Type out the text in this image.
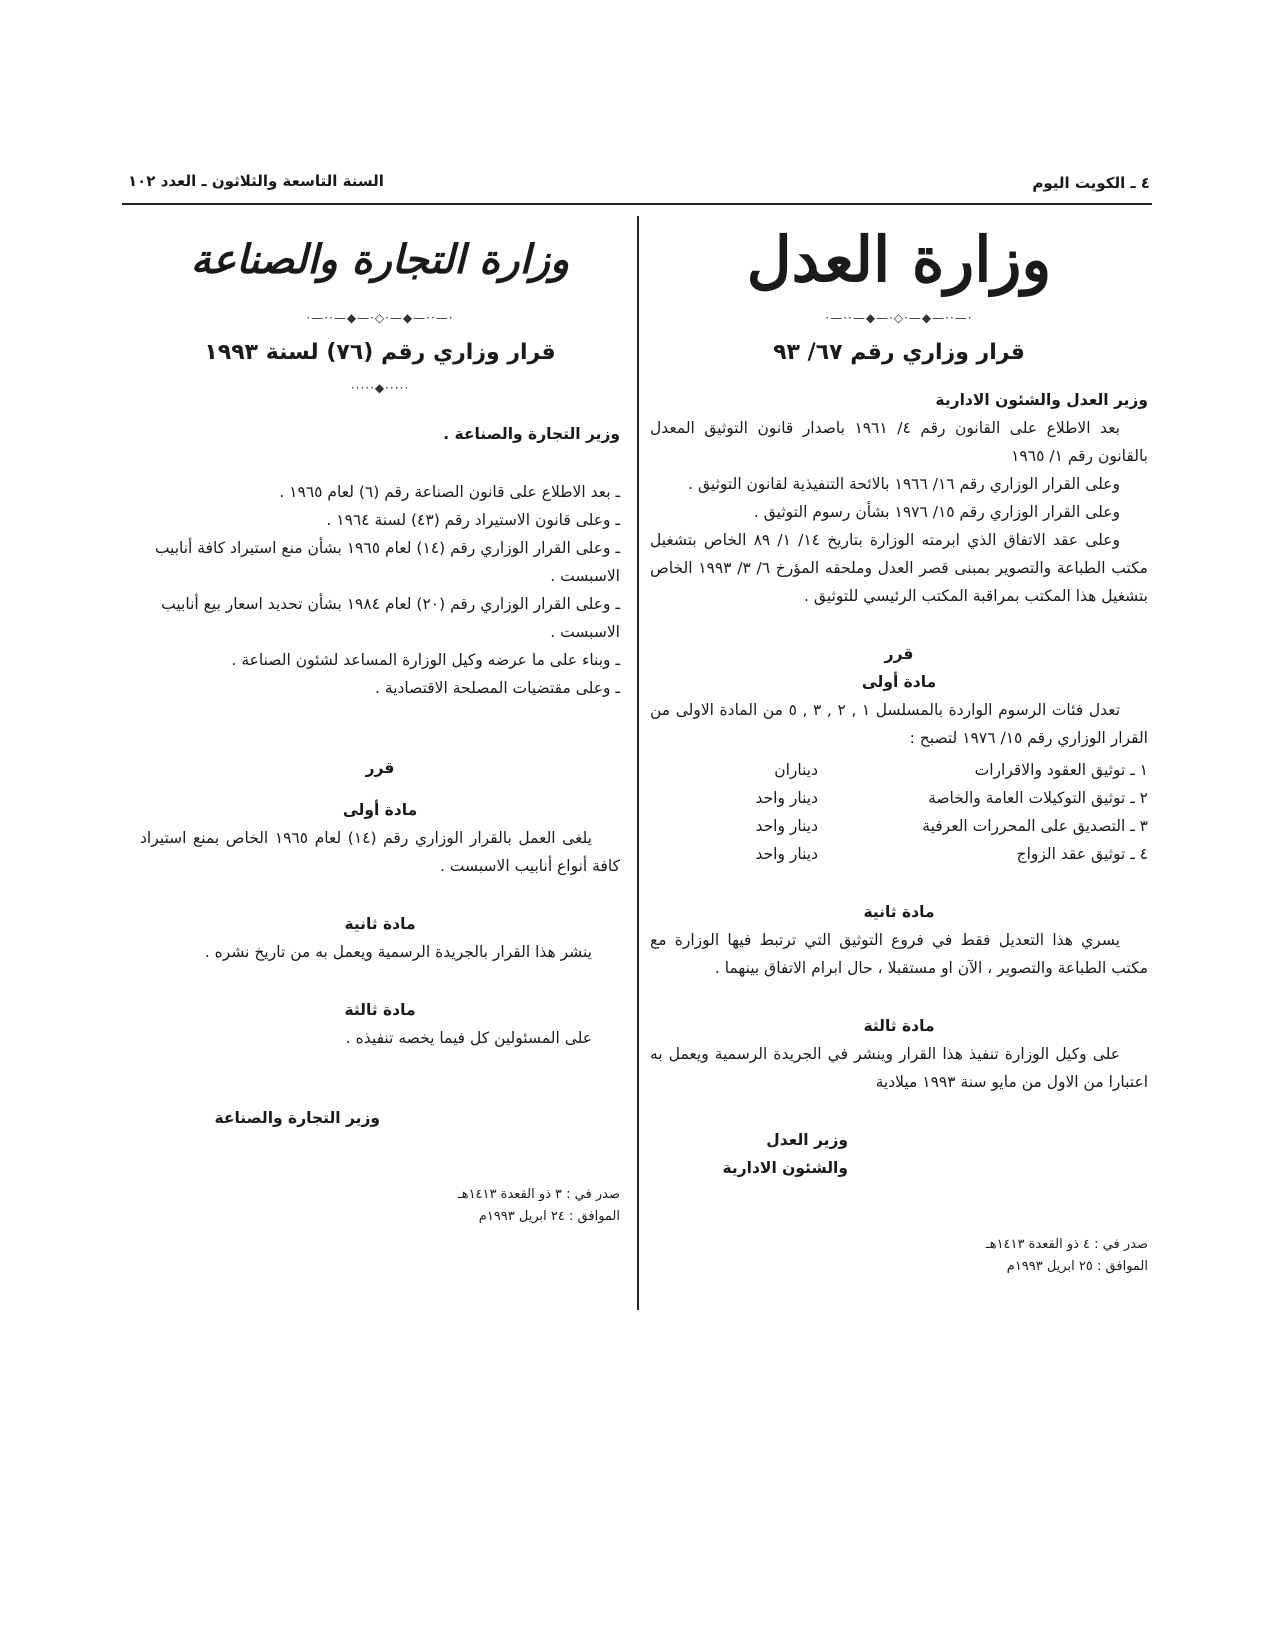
٤ ـ الكويت اليوم
السنة التاسعة والثلاثون ـ العدد ١٠٢
وزارة العدل
·—··—◆—·◇·—◆—··—·
قرار وزاري رقم ٦٧/ ٩٣

وزير العدل والشئون الادارية

بعد الاطلاع على القانون رقم ٤/ ١٩٦١ باصدار قانون التوثيق المعدل بالقانون رقم ١/ ١٩٦٥

وعلى القرار الوزاري رقم ١٦/ ١٩٦٦ بالائحة التنفيذية لقانون التوثيق .

وعلى القرار الوزاري رقم ١٥/ ١٩٧٦ بشأن رسوم التوثيق .

وعلى عقد الاتفاق الذي ابرمته الوزارة بتاريخ ١٤/ ١/ ٨٩ الخاص بتشغيل مكتب الطباعة والتصوير بمبنى قصر العدل وملحقه المؤرخ ٦/ ٣/ ١٩٩٣ الخاص بتشغيل هذا المكتب بمراقبة المكتب الرئيسي للتوثيق .

قرر

مادة أولى

تعدل فئات الرسوم الواردة بالمسلسل ١ , ٢ , ٣ , ٥ من المادة الاولى من القرار الوزاري رقم ١٥/ ١٩٧٦ لتصبح :

١ ـ توثيق العقود والاقرارات
ديناران
٢ ـ توثيق التوكيلات العامة والخاصة
دينار واحد
٣ ـ التصديق على المحررات العرفية
دينار واحد
٤ ـ توثيق عقد الزواج
دينار واحد

مادة ثانية

يسري هذا التعديل فقط في فروع التوثيق التي ترتبط فيها الوزارة مع مكتب الطباعة والتصوير ، الآن او مستقبلا ، حال ابرام الاتفاق بينهما .

مادة ثالثة

على وكيل الوزارة تنفيذ هذا القرار وينشر في الجريدة الرسمية ويعمل به اعتبارا من الاول من مايو سنة ١٩٩٣ ميلادية

وزير العدل
والشئون الادارية
صدر في : ٤ ذو القعدة ١٤١٣هـ
الموافق : ٢٥ ابريل ١٩٩٣م
وزارة التجارة والصناعة
·—··—◆—·◇·—◆—··—·
قرار وزاري رقم (٧٦) لسنة ١٩٩٣
·····◆·····

وزير التجارة والصناعة .

ـ بعد الاطلاع على قانون الصناعة رقم (٦) لعام ١٩٦٥ .

ـ وعلى قانون الاستيراد رقم (٤٣) لسنة ١٩٦٤ .

ـ وعلى القرار الوزاري رقم (١٤) لعام ١٩٦٥ بشأن منع استيراد كافة أنابيب الاسبست .

ـ وعلى القرار الوزاري رقم (٢٠) لعام ١٩٨٤ بشأن تحديد اسعار بيع أنابيب الاسبست .

ـ وبناء على ما عرضه وكيل الوزارة المساعد لشئون الصناعة .

ـ وعلى مقتضيات المصلحة الاقتصادية .

قرر

مادة أولى

يلغى العمل بالقرار الوزاري رقم (١٤) لعام ١٩٦٥ الخاص بمنع استيراد كافة أنواع أنابيب الاسبست .

مادة ثانية

ينشر هذا القرار بالجريدة الرسمية ويعمل به من تاريخ نشره .

مادة ثالثة

على المسئولين كل فيما يخصه تنفيذه .

وزير التجارة والصناعة
صدر في : ٣ ذو القعدة ١٤١٣هـ
الموافق : ٢٤ ابريل ١٩٩٣م
